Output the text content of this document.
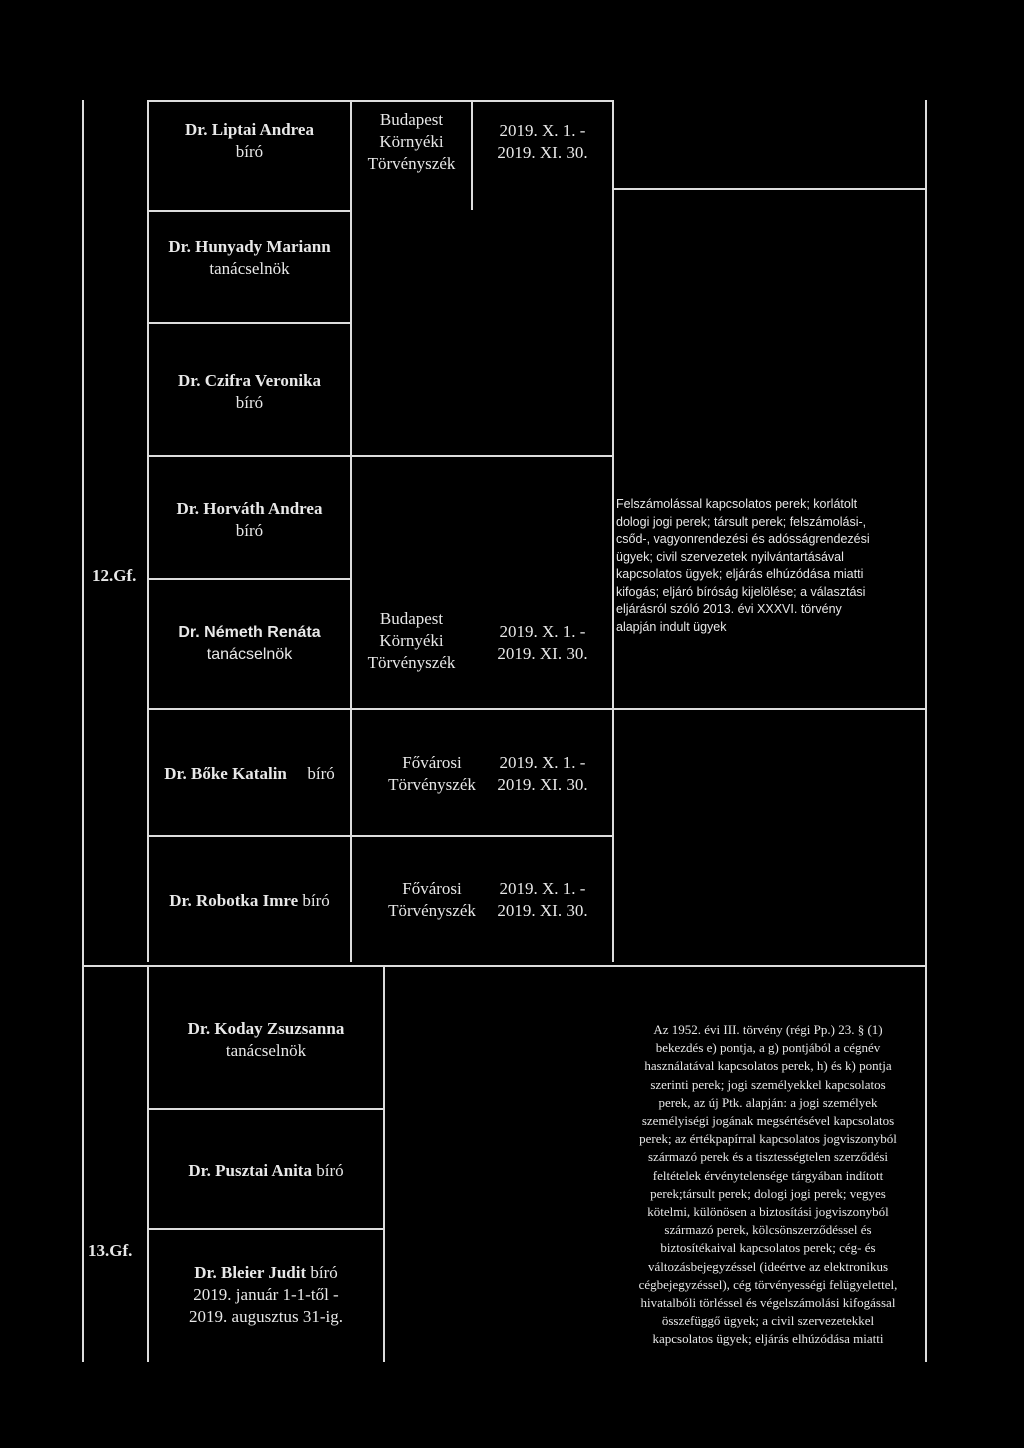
12.Gf.
Dr. Liptai Andrea
bíró
Budapest
Környéki
Törvényszék
2019. X. 1. -
2019. XI. 30.
Dr. Hunyady Mariann
tanácselnök
Dr. Czifra Veronika
bíró
Dr. Horváth Andrea
bíró
Dr. Németh Renáta
tanácselnök
Budapest
Környéki
Törvényszék
2019. X. 1. -
2019. XI. 30.
Felszámolással kapcsolatos perek; korlátolt
dologi jogi perek; társult perek; felszámolási-,
csőd-, vagyonrendezési és adósságrendezési
ügyek; civil szervezetek nyilvántartásával
kapcsolatos ügyek; eljárás elhúzódása miatti
kifogás; eljáró bíróság kijelölése; a választási
eljárásról szóló 2013. évi XXXVI. törvény
alapján indult ügyek
Dr. Bőke Katalin bíró
Fővárosi
Törvényszék
2019. X. 1. -
2019. XI. 30.
Dr. Robotka Imre bíró
Fővárosi
Törvényszék
2019. X. 1. -
2019. XI. 30.
13.Gf.
Dr. Koday Zsuzsanna
tanácselnök
Dr. Pusztai Anita bíró
Dr. Bleier Judit bíró
2019. január 1-1-től -
2019. augusztus 31-ig.
Az 1952. évi III. törvény (régi Pp.) 23. § (1)
bekezdés e) pontja, a g) pontjából a cégnév
használatával kapcsolatos perek, h) és k) pontja
szerinti perek; jogi személyekkel kapcsolatos
perek, az új Ptk. alapján: a jogi személyek
személyiségi jogának megsértésével kapcsolatos
perek; az értékpapírral kapcsolatos jogviszonyból
származó perek és a tisztességtelen szerződési
feltételek érvénytelensége tárgyában indított
perek;társult perek; dologi jogi perek; vegyes
kötelmi, különösen a biztosítási jogviszonyból
származó perek, kölcsönszerződéssel és
biztosítékaival kapcsolatos perek; cég- és
változásbejegyzéssel (ideértve az elektronikus
cégbejegyzéssel), cég törvényességi felügyelettel,
hivatalbóli törléssel és végelszámolási kifogással
összefüggő ügyek; a civil szervezetekkel
kapcsolatos ügyek; eljárás elhúzódása miatti
